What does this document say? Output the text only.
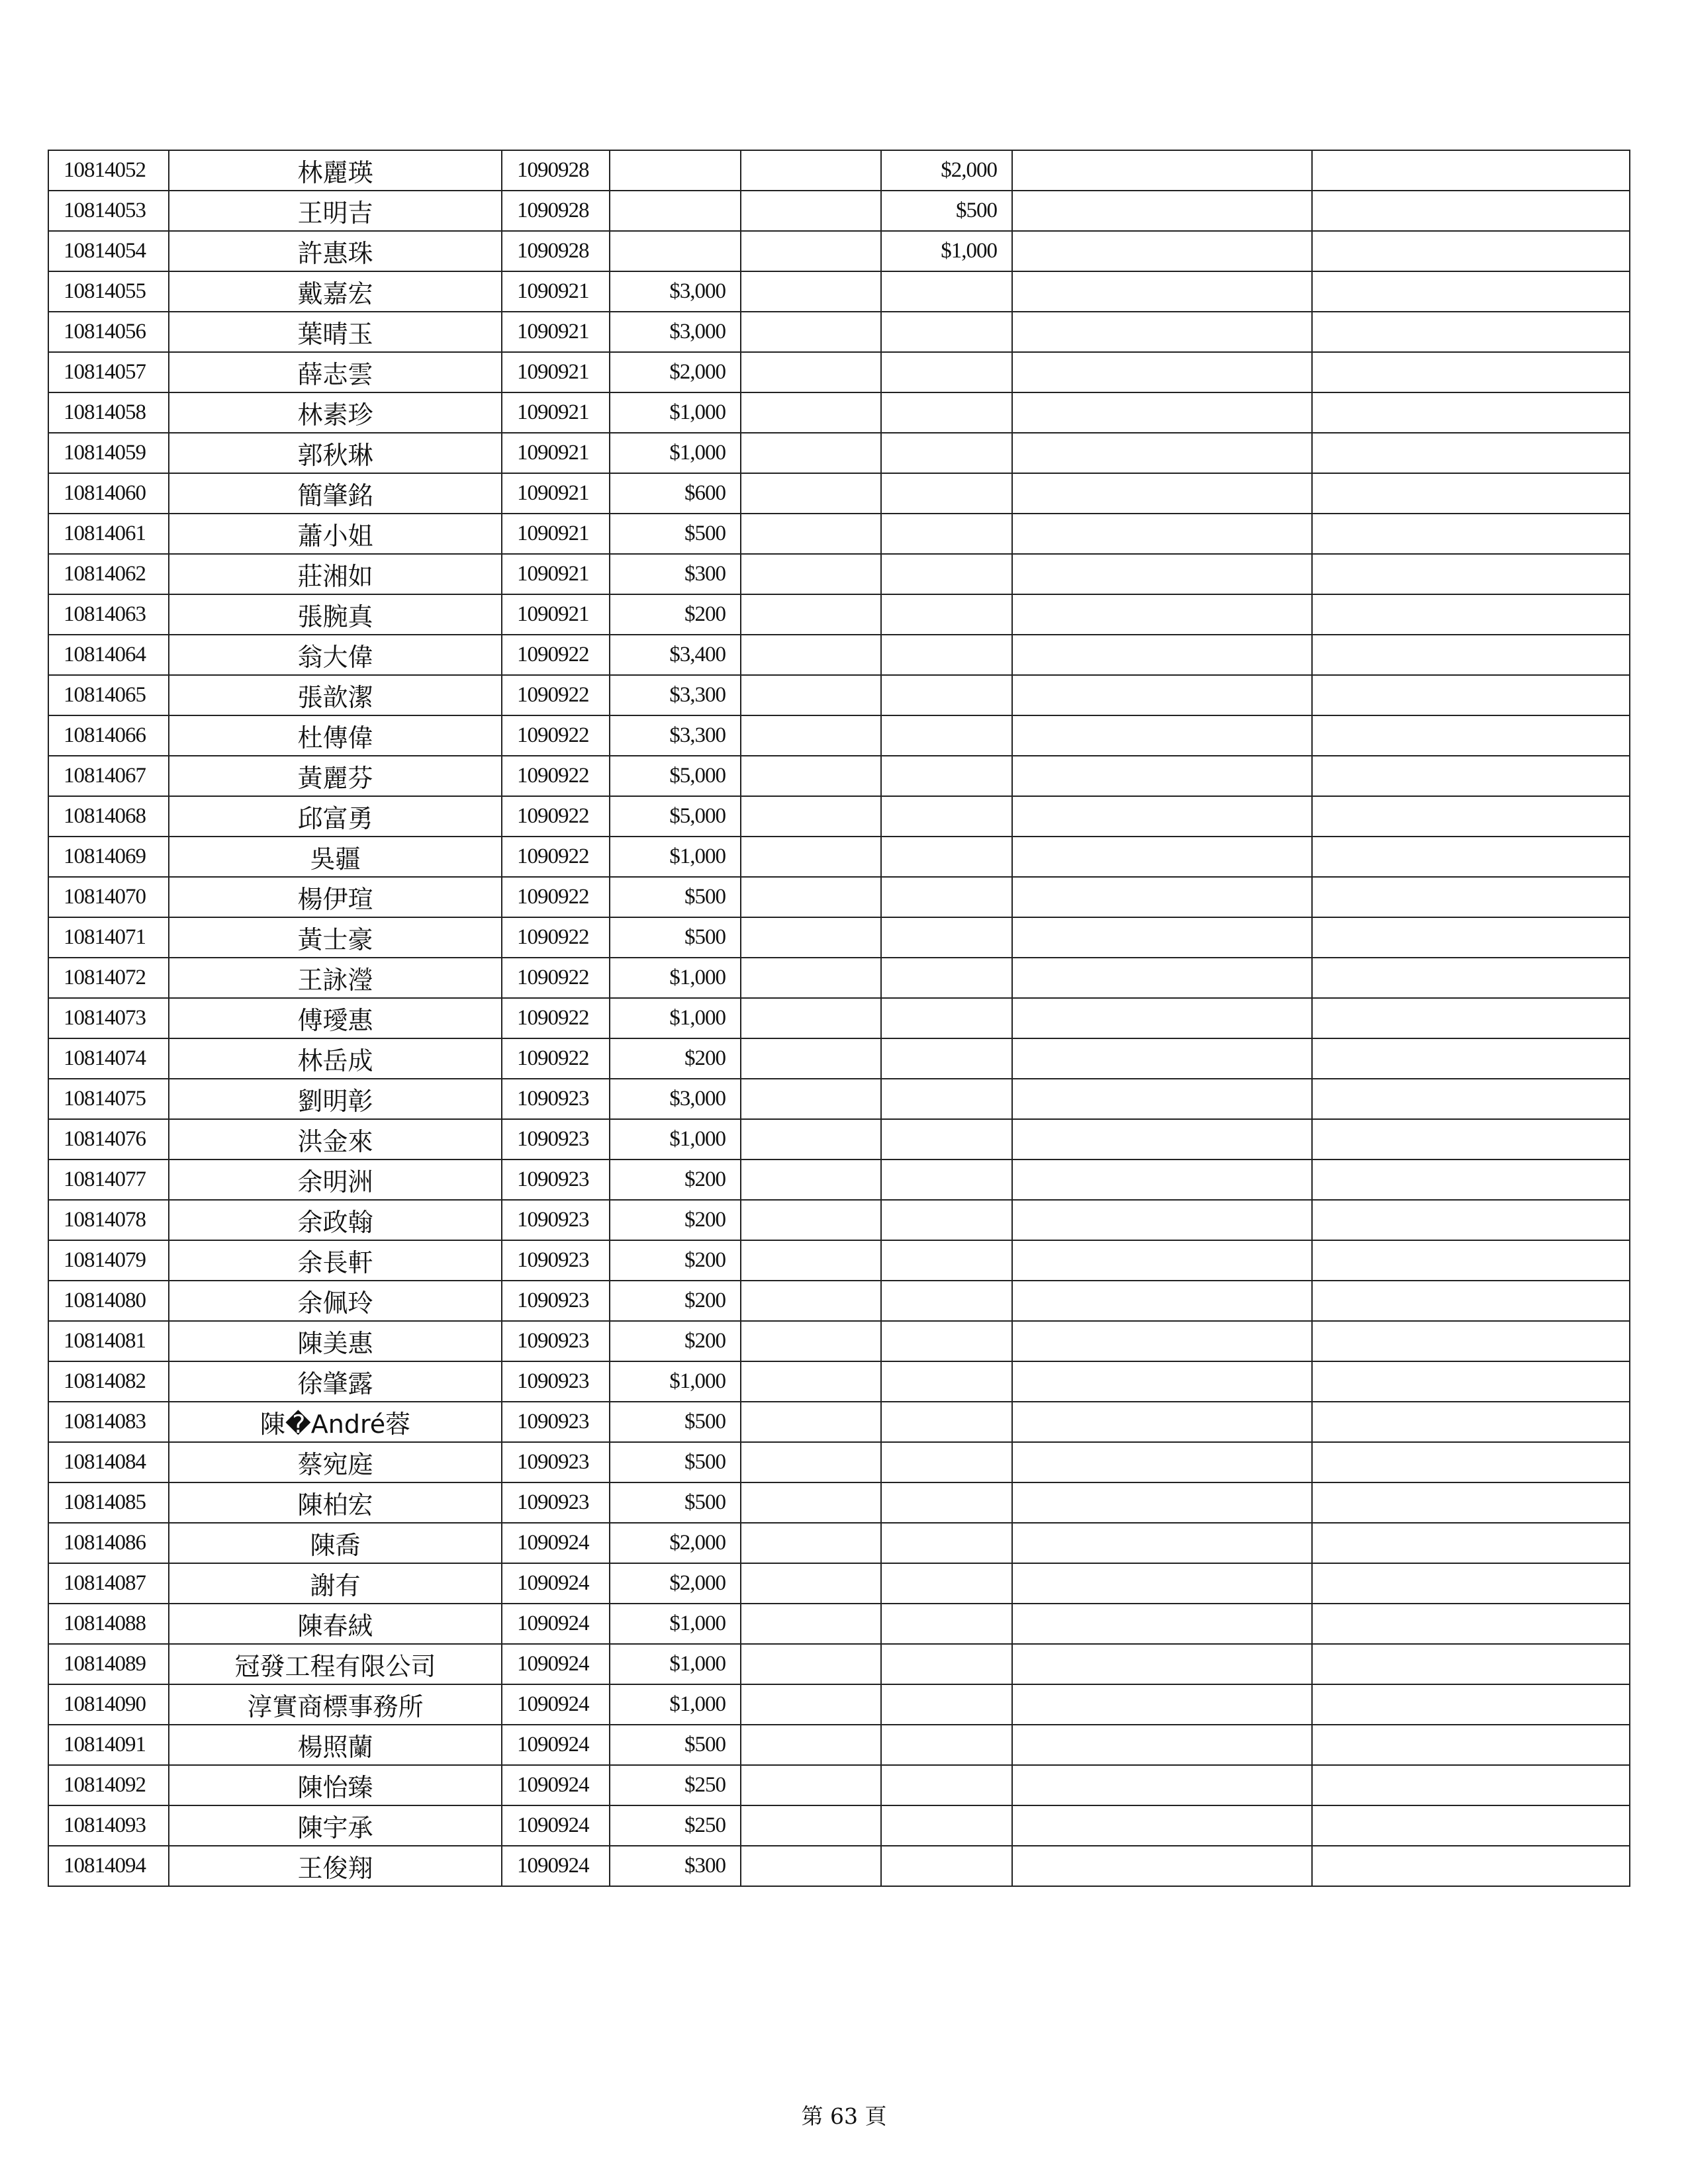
10814052	林麗瑛	1090928			$2,000		
10814053	王明吉	1090928			$500		
10814054	許惠珠	1090928			$1,000		
10814055	戴嘉宏	1090921	$3,000				
10814056	葉晴玉	1090921	$3,000				
10814057	薛志雲	1090921	$2,000				
10814058	林素珍	1090921	$1,000				
10814059	郭秋琳	1090921	$1,000				
10814060	簡肇銘	1090921	$600				
10814061	蕭小姐	1090921	$500				
10814062	莊湘如	1090921	$300				
10814063	張腕真	1090921	$200				
10814064	翁大偉	1090922	$3,400				
10814065	張歆潔	1090922	$3,300				
10814066	杜傳偉	1090922	$3,300				
10814067	黃麗芬	1090922	$5,000				
10814068	邱富勇	1090922	$5,000				
10814069	吳疆	1090922	$1,000				
10814070	楊伊瑄	1090922	$500				
10814071	黃士豪	1090922	$500				
10814072	王詠瀅	1090922	$1,000				
10814073	傅璦惠	1090922	$1,000				
10814074	林岳成	1090922	$200				
10814075	劉明彰	1090923	$3,000				
10814076	洪金來	1090923	$1,000				
10814077	余明洲	1090923	$200				
10814078	余政翰	1090923	$200				
10814079	余長軒	1090923	$200				
10814080	余佩玲	1090923	$200				
10814081	陳美惠	1090923	$200				
10814082	徐肇露	1090923	$1,000				
10814083	陳�André蓉	1090923	$500				
10814084	蔡宛庭	1090923	$500				
10814085	陳柏宏	1090923	$500				
10814086	陳喬	1090924	$2,000				
10814087	謝有	1090924	$2,000				
10814088	陳春絨	1090924	$1,000				
10814089	冠發工程有限公司	1090924	$1,000				
10814090	淳實商標事務所	1090924	$1,000				
10814091	楊照蘭	1090924	$500				
10814092	陳怡臻	1090924	$250				
10814093	陳宇承	1090924	$250				
10814094	王俊翔	1090924	$300				
第 63 頁
